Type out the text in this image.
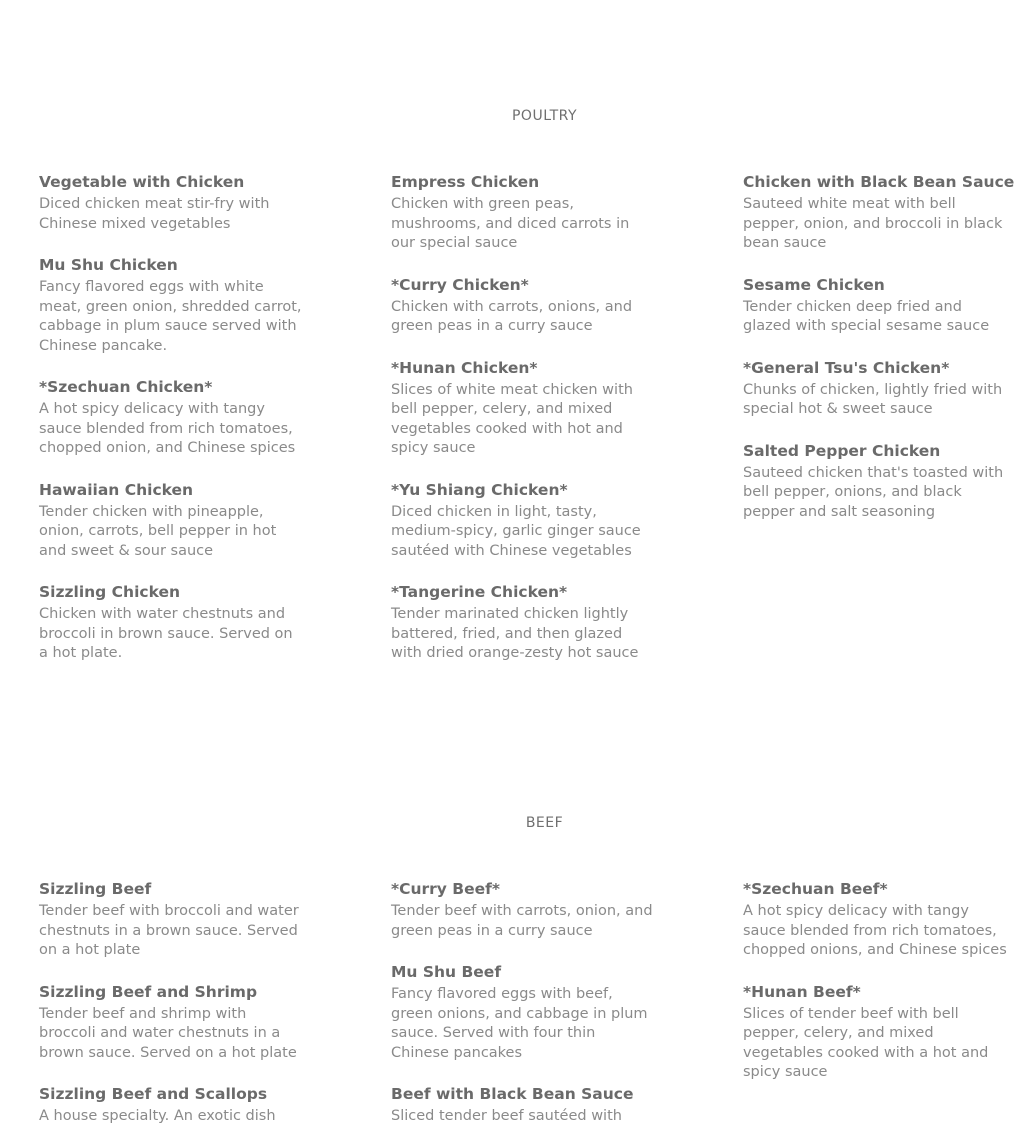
POULTRY
Vegetable with Chicken
Diced chicken meat stir-fry with Chinese mixed vegetables
Mu Shu Chicken
Fancy flavored eggs with white meat, green onion, shredded carrot, cabbage in plum sauce served with Chinese pancake.
*Szechuan Chicken*
A hot spicy delicacy with tangy sauce blended from rich tomatoes, chopped onion, and Chinese spices
Hawaiian Chicken
Tender chicken with pineapple, onion, carrots, bell pepper in hot and sweet & sour sauce
Sizzling Chicken
Chicken with water chestnuts and broccoli in brown sauce. Served on a hot plate.
Empress Chicken
Chicken with green peas, mushrooms, and diced carrots in our special sauce
*Curry Chicken*
Chicken with carrots, onions, and green peas in a curry sauce
*Hunan Chicken*
Slices of white meat chicken with bell pepper, celery, and mixed vegetables cooked with hot and spicy sauce
*Yu Shiang Chicken*
Diced chicken in light, tasty, medium-spicy, garlic ginger sauce sautéed with Chinese vegetables
*Tangerine Chicken*
Tender marinated chicken lightly battered, fried, and then glazed with dried orange-zesty hot sauce
Chicken with Black Bean Sauce
Sauteed white meat with bell pepper, onion, and broccoli in black bean sauce
Sesame Chicken
Tender chicken deep fried and glazed with special sesame sauce
*General Tsu's Chicken*
Chunks of chicken, lightly fried with special hot & sweet sauce
Salted Pepper Chicken
Sauteed chicken that's toasted with bell pepper, onions, and black pepper and salt seasoning
BEEF
Sizzling Beef
Tender beef with broccoli and water chestnuts in a brown sauce. Served on a hot plate
Sizzling Beef and Shrimp
Tender beef and shrimp with broccoli and water chestnuts in a brown sauce. Served on a hot plate
Sizzling Beef and Scallops
A house specialty. An exotic dish
*Curry Beef*
Tender beef with carrots, onion, and green peas in a curry sauce
Mu Shu Beef
Fancy flavored eggs with beef, green onions, and cabbage in plum sauce. Served with four thin Chinese pancakes
Beef with Black Bean Sauce
Sliced tender beef sautéed with
*Szechuan Beef*
A hot spicy delicacy with tangy sauce blended from rich tomatoes, chopped onions, and Chinese spices
*Hunan Beef*
Slices of tender beef with bell pepper, celery, and mixed vegetables cooked with a hot and spicy sauce
